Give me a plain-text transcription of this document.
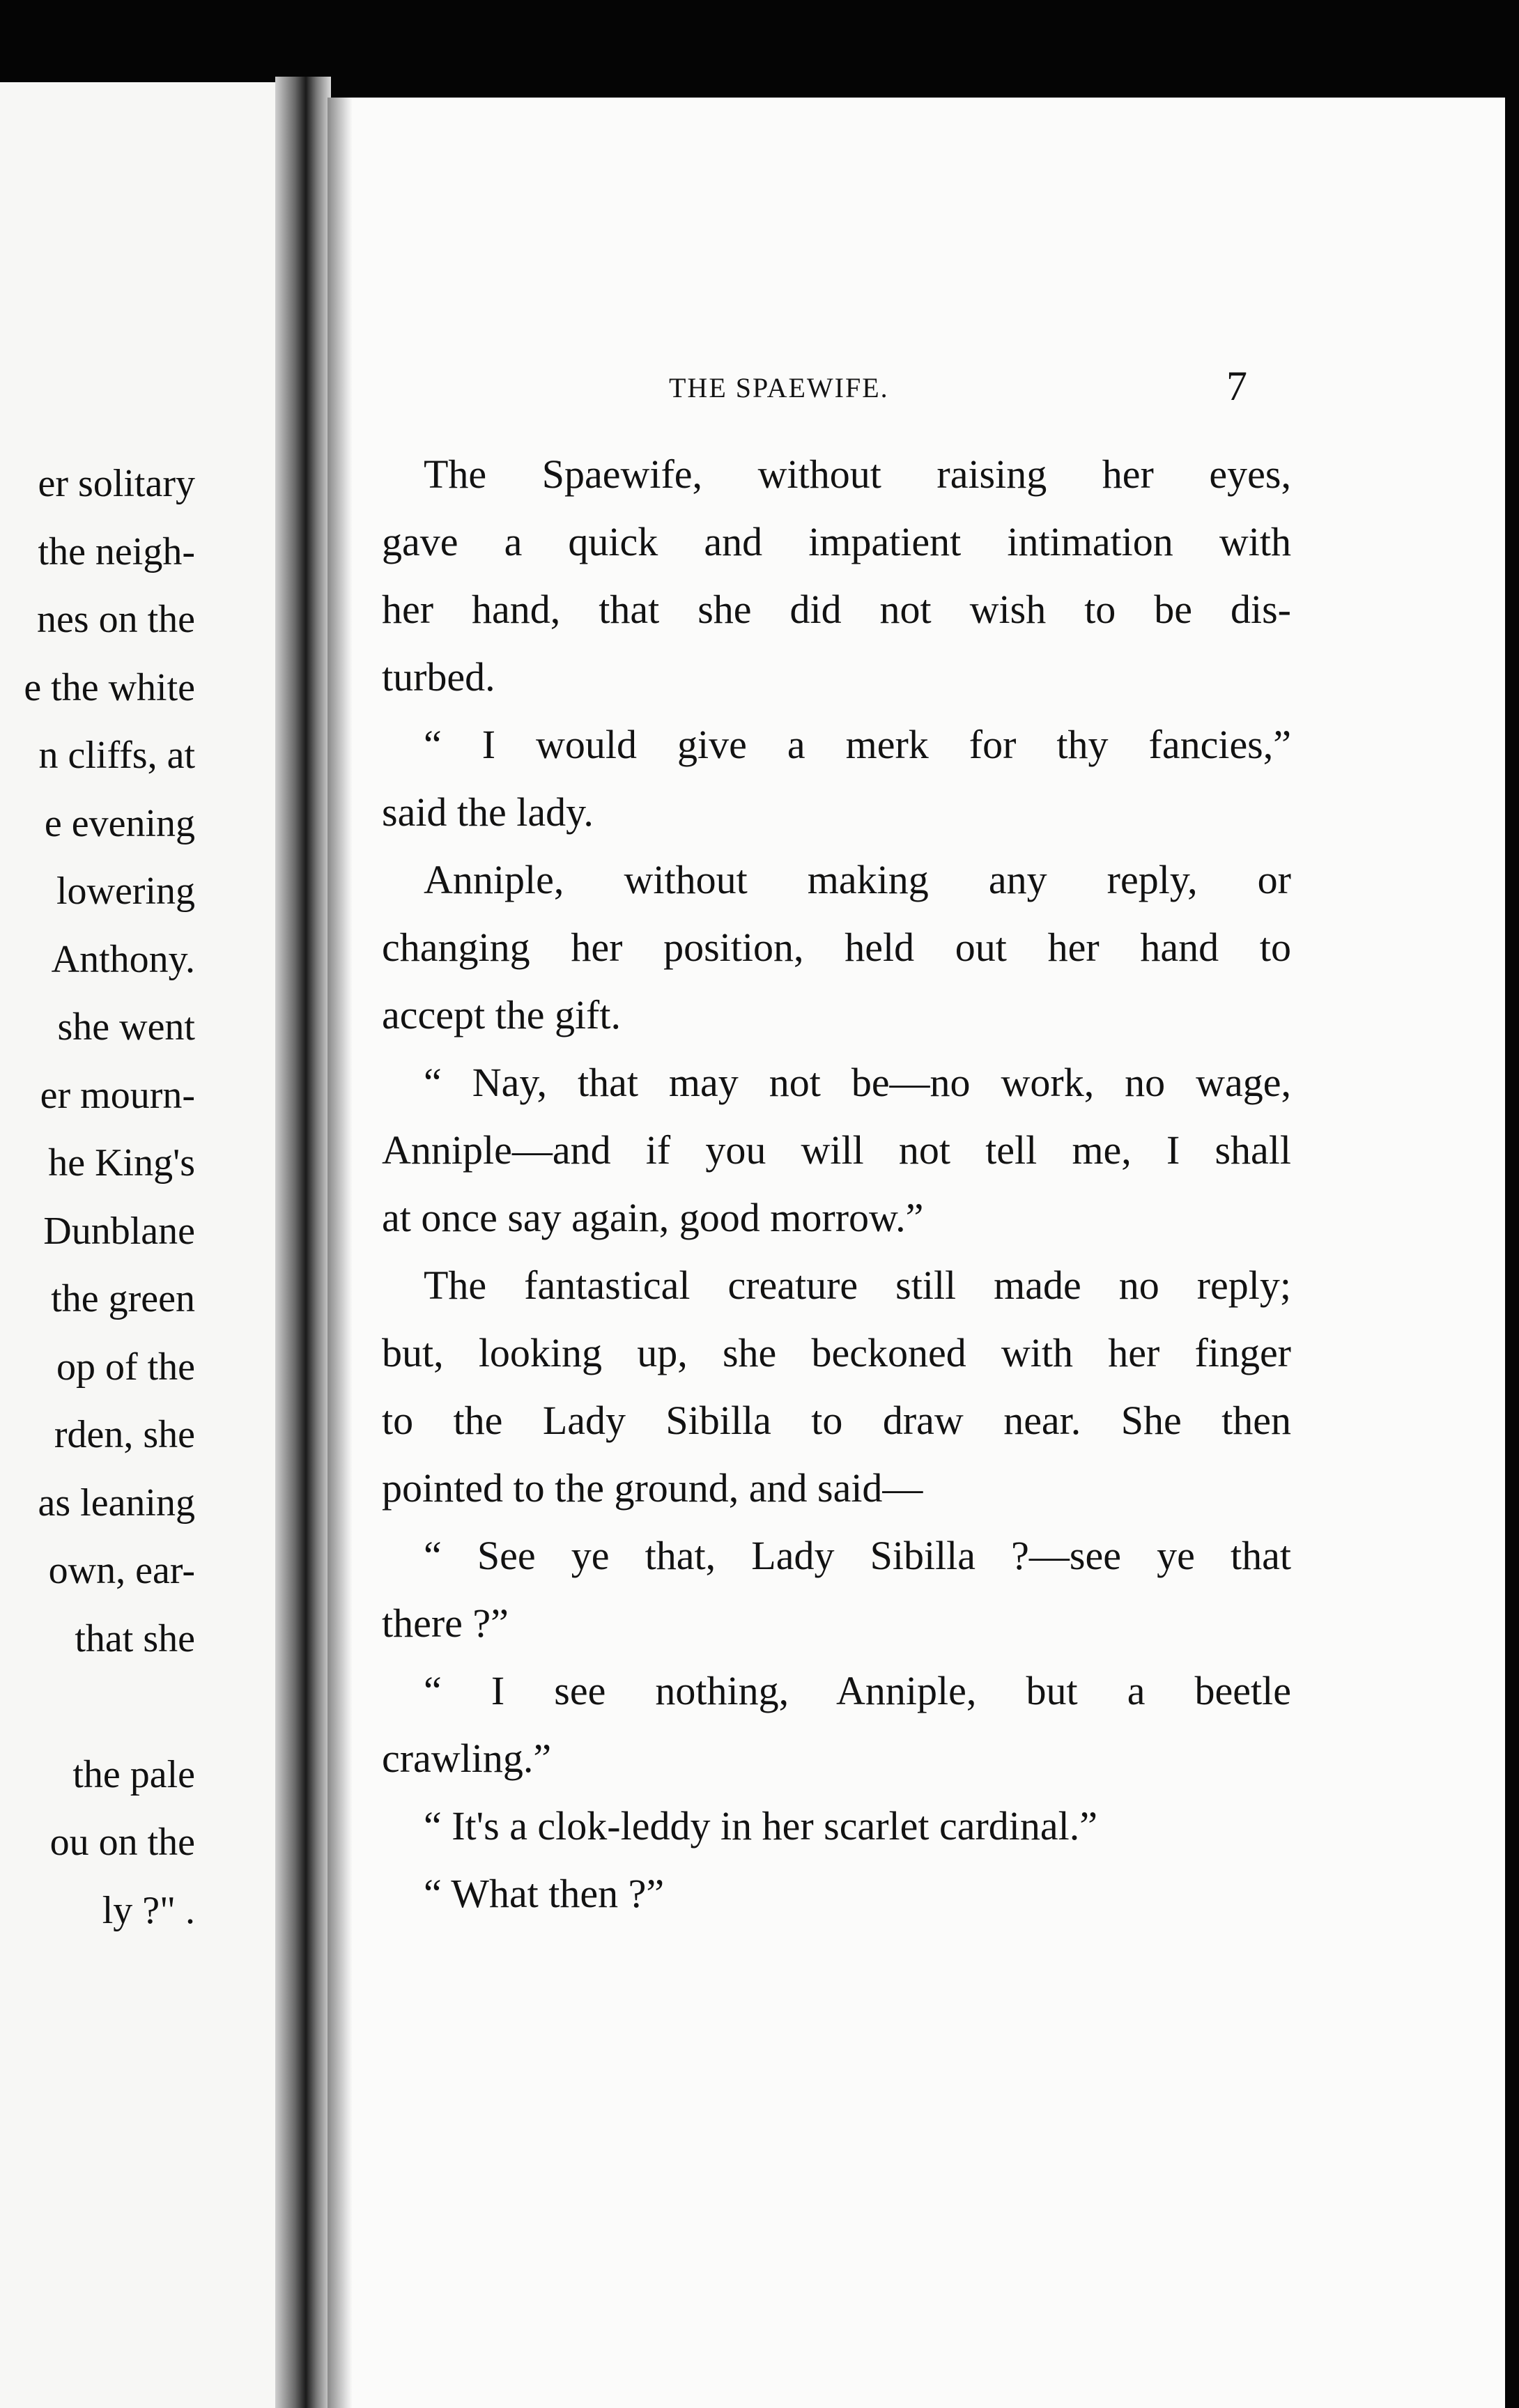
er solitary
the neigh-
nes on the
e the white
n cliffs, at
e evening
lowering
Anthony.
she went
er mourn-
he King's
Dunblane
the green
op of the
rden, she
as leaning
own, ear-
that she
the pale
ou on the
ly ?" .
THE SPAEWIFE.	7
The Spaewife, without raising her eyes,
gave a quick and impatient intimation with
her hand, that she did not wish to be dis-
turbed.
“ I would give a merk for thy fancies,”
said the lady.
Anniple, without making any reply, or
changing her position, held out her hand to
accept the gift.
“ Nay, that may not be—no work, no wage,
Anniple—and if you will not tell me, I shall
at once say again, good morrow.”
The fantastical creature still made no reply;
but, looking up, she beckoned with her finger
to the Lady Sibilla to draw near. She then
pointed to the ground, and said—
“ See ye that, Lady Sibilla ?—see ye that
there ?”
“ I see nothing, Anniple, but a beetle
crawling.”
“ It's a clok-leddy in her scarlet cardinal.”
“ What then ?”
